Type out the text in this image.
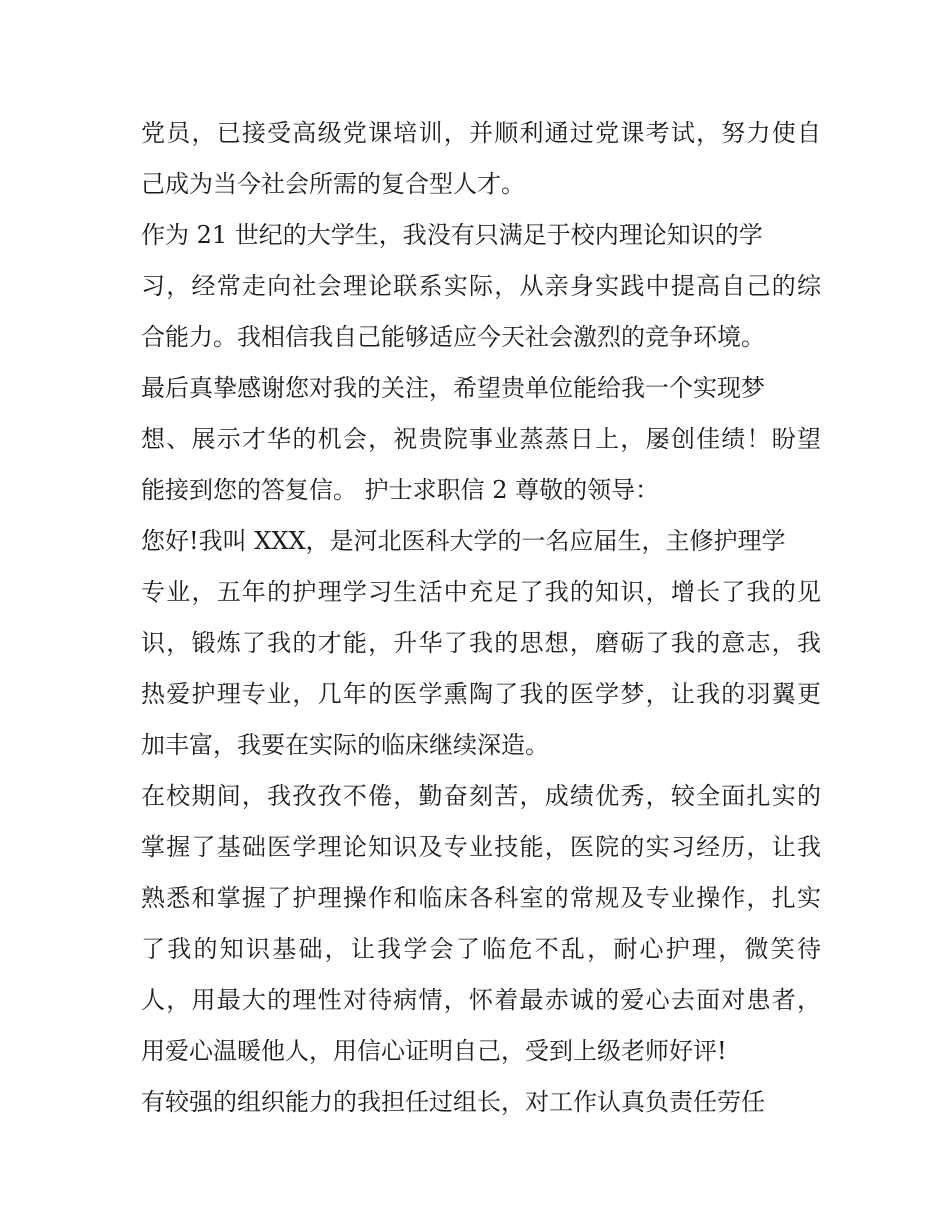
党员，已接受高级党课培训，并顺利通过党课考试，努力使自
己成为当今社会所需的复合型人才。
作为 21 世纪的大学生，我没有只满足于校内理论知识的学
习，经常走向社会理论联系实际，从亲身实践中提高自己的综
合能力。我相信我自己能够适应今天社会激烈的竞争环境。
最后真挚感谢您对我的关注，希望贵单位能给我一个实现梦
想、展示才华的机会，祝贵院事业蒸蒸日上，屡创佳绩！盼望
能接到您的答复信。 护士求职信 2 尊敬的领导：
您好!我叫 XXX，是河北医科大学的一名应届生，主修护理学
专业，五年的护理学习生活中充足了我的知识，增长了我的见
识，锻炼了我的才能，升华了我的思想，磨砺了我的意志，我
热爱护理专业，几年的医学熏陶了我的医学梦，让我的羽翼更
加丰富，我要在实际的临床继续深造。
在校期间，我孜孜不倦，勤奋刻苦，成绩优秀，较全面扎实的
掌握了基础医学理论知识及专业技能，医院的实习经历，让我
熟悉和掌握了护理操作和临床各科室的常规及专业操作，扎实
了我的知识基础，让我学会了临危不乱，耐心护理，微笑待
人，用最大的理性对待病情，怀着最赤诚的爱心去面对患者，
用爱心温暖他人，用信心证明自己，受到上级老师好评!
有较强的组织能力的我担任过组长，对工作认真负责任劳任
